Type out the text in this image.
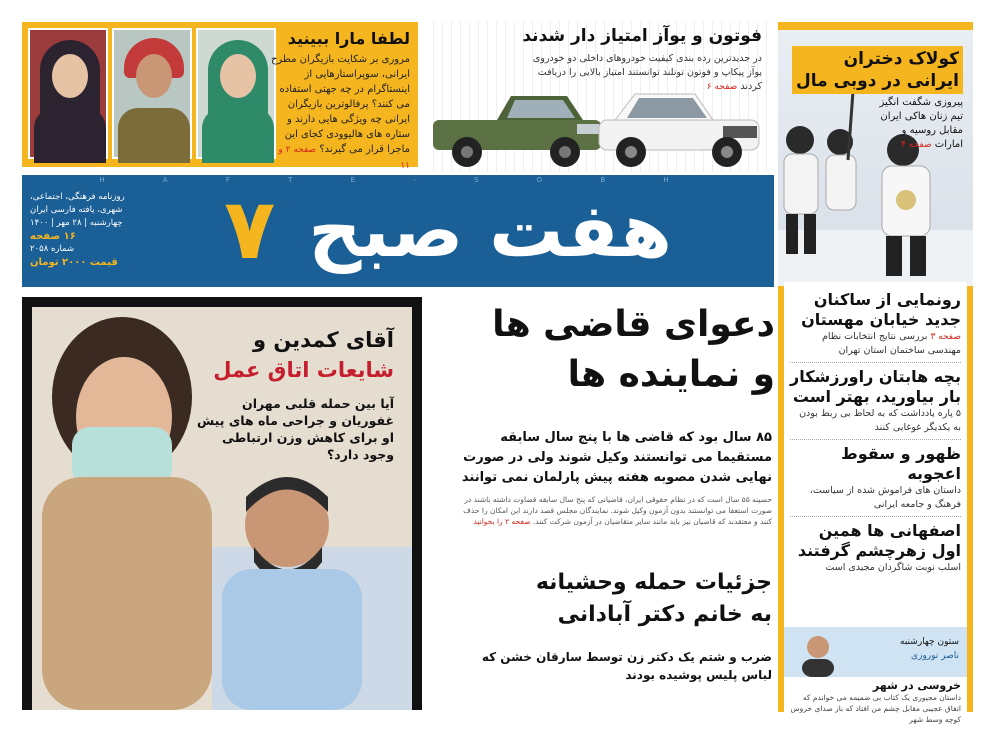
لطفا مارا ببینید
مروری بر شکایت بازیگران مطرح ایرانی، سوپراستارهایی از اینستاگرام در چه جهتی استفاده می کنند؟ پرفالوترین بازیگران ایرانی چه ویژگی هایی دارند و ستاره های هالیوودی کجای این ماجرا قرار می گیرند؟ صفحه ۲ و ۱۱
فوتون و یوآز امتیاز دار شدند
در جدیدترین رده بندی کیفیت خودروهای داخلی دو خودروی یوآز پیکاپ و فوتون تونلند توانستند امتیاز بالایی را دریافت کردند صفحه ۶
کولاک دختران
ایرانی در دوبی مال
پیروزی شگفت انگیز تیم زنان هاکی ایران مقابل روسیه و امارات صفحه ۴
رونمایی از ساکنان جدید خیابان مهستان
صفحه ۳ بررسی نتایج انتخابات نظام مهندسی ساختمان استان تهران
بچه هابتان راورزشکار بار بیاورید، بهتر است
۵ پاره یادداشت که به لحاظ بی ربط بودن به یکدیگر غوغایی کنند
ظهور و سقوط اعجوبه
داستان های فراموش شده از سیاست، فرهنگ و جامعه ایرانی
اصفهانی ها همین اول زهرچشم گرفتند
اسلب نوبت شاگردان مجیدی است
ستون چهارشنبه
ناصر نوروزی
خروسی در شهر
داستان مجیوری یک کتاب بی ضمیمه می خواندم که اتفاق عجیبی مقابل چشم من افتاد که باز صدای خروس کوچه وسط شهر
H A F T E - S O B H
روزنامه فرهنگی، اجتماعی،
شهری، یافته فارسی ایران
چهارشنبه | ۲۸ مهر | ۱۴۰۰
۱۶ صفحه
شماره ۲۰۵۸
قیمت ۲۰۰۰ تومان	۷ هفت صبح
آقای کمدین و
شایعات اتاق عمل
آیا بین حمله قلبی مهران غفوریان و جراحی ماه های پیش او برای کاهش وزن ارتباطی وجود دارد؟
دعوای قاضی ها
و نماینده ها
۸۵ سال بود که قاضی ها با پنج سال سابقه مستقیما می توانستند وکیل شوند ولی در صورت نهایی شدن مصوبه هفته پیش پارلمان نمی توانند
حسینه ۵۵ سال است که در نظام حقوقی ایران، قاضیانی که پنج سال سابقه قضاوت داشته باشند در صورت استعفا می توانستند بدون آزمون وکیل شوند. نمایندگان مجلس قصد دارند این امکان را حذف کنند و معتقدند که قاضیان نیز باید مانند سایر متقاضیان در آزمون شرکت کنند. صفحه ۲ را بخوانید
جزئیات حمله وحشیانه
به خانم دکتر آبادانی
ضرب و شتم یک دکتر زن توسط سارقان خشن که لباس پلیس پوشیده بودند
